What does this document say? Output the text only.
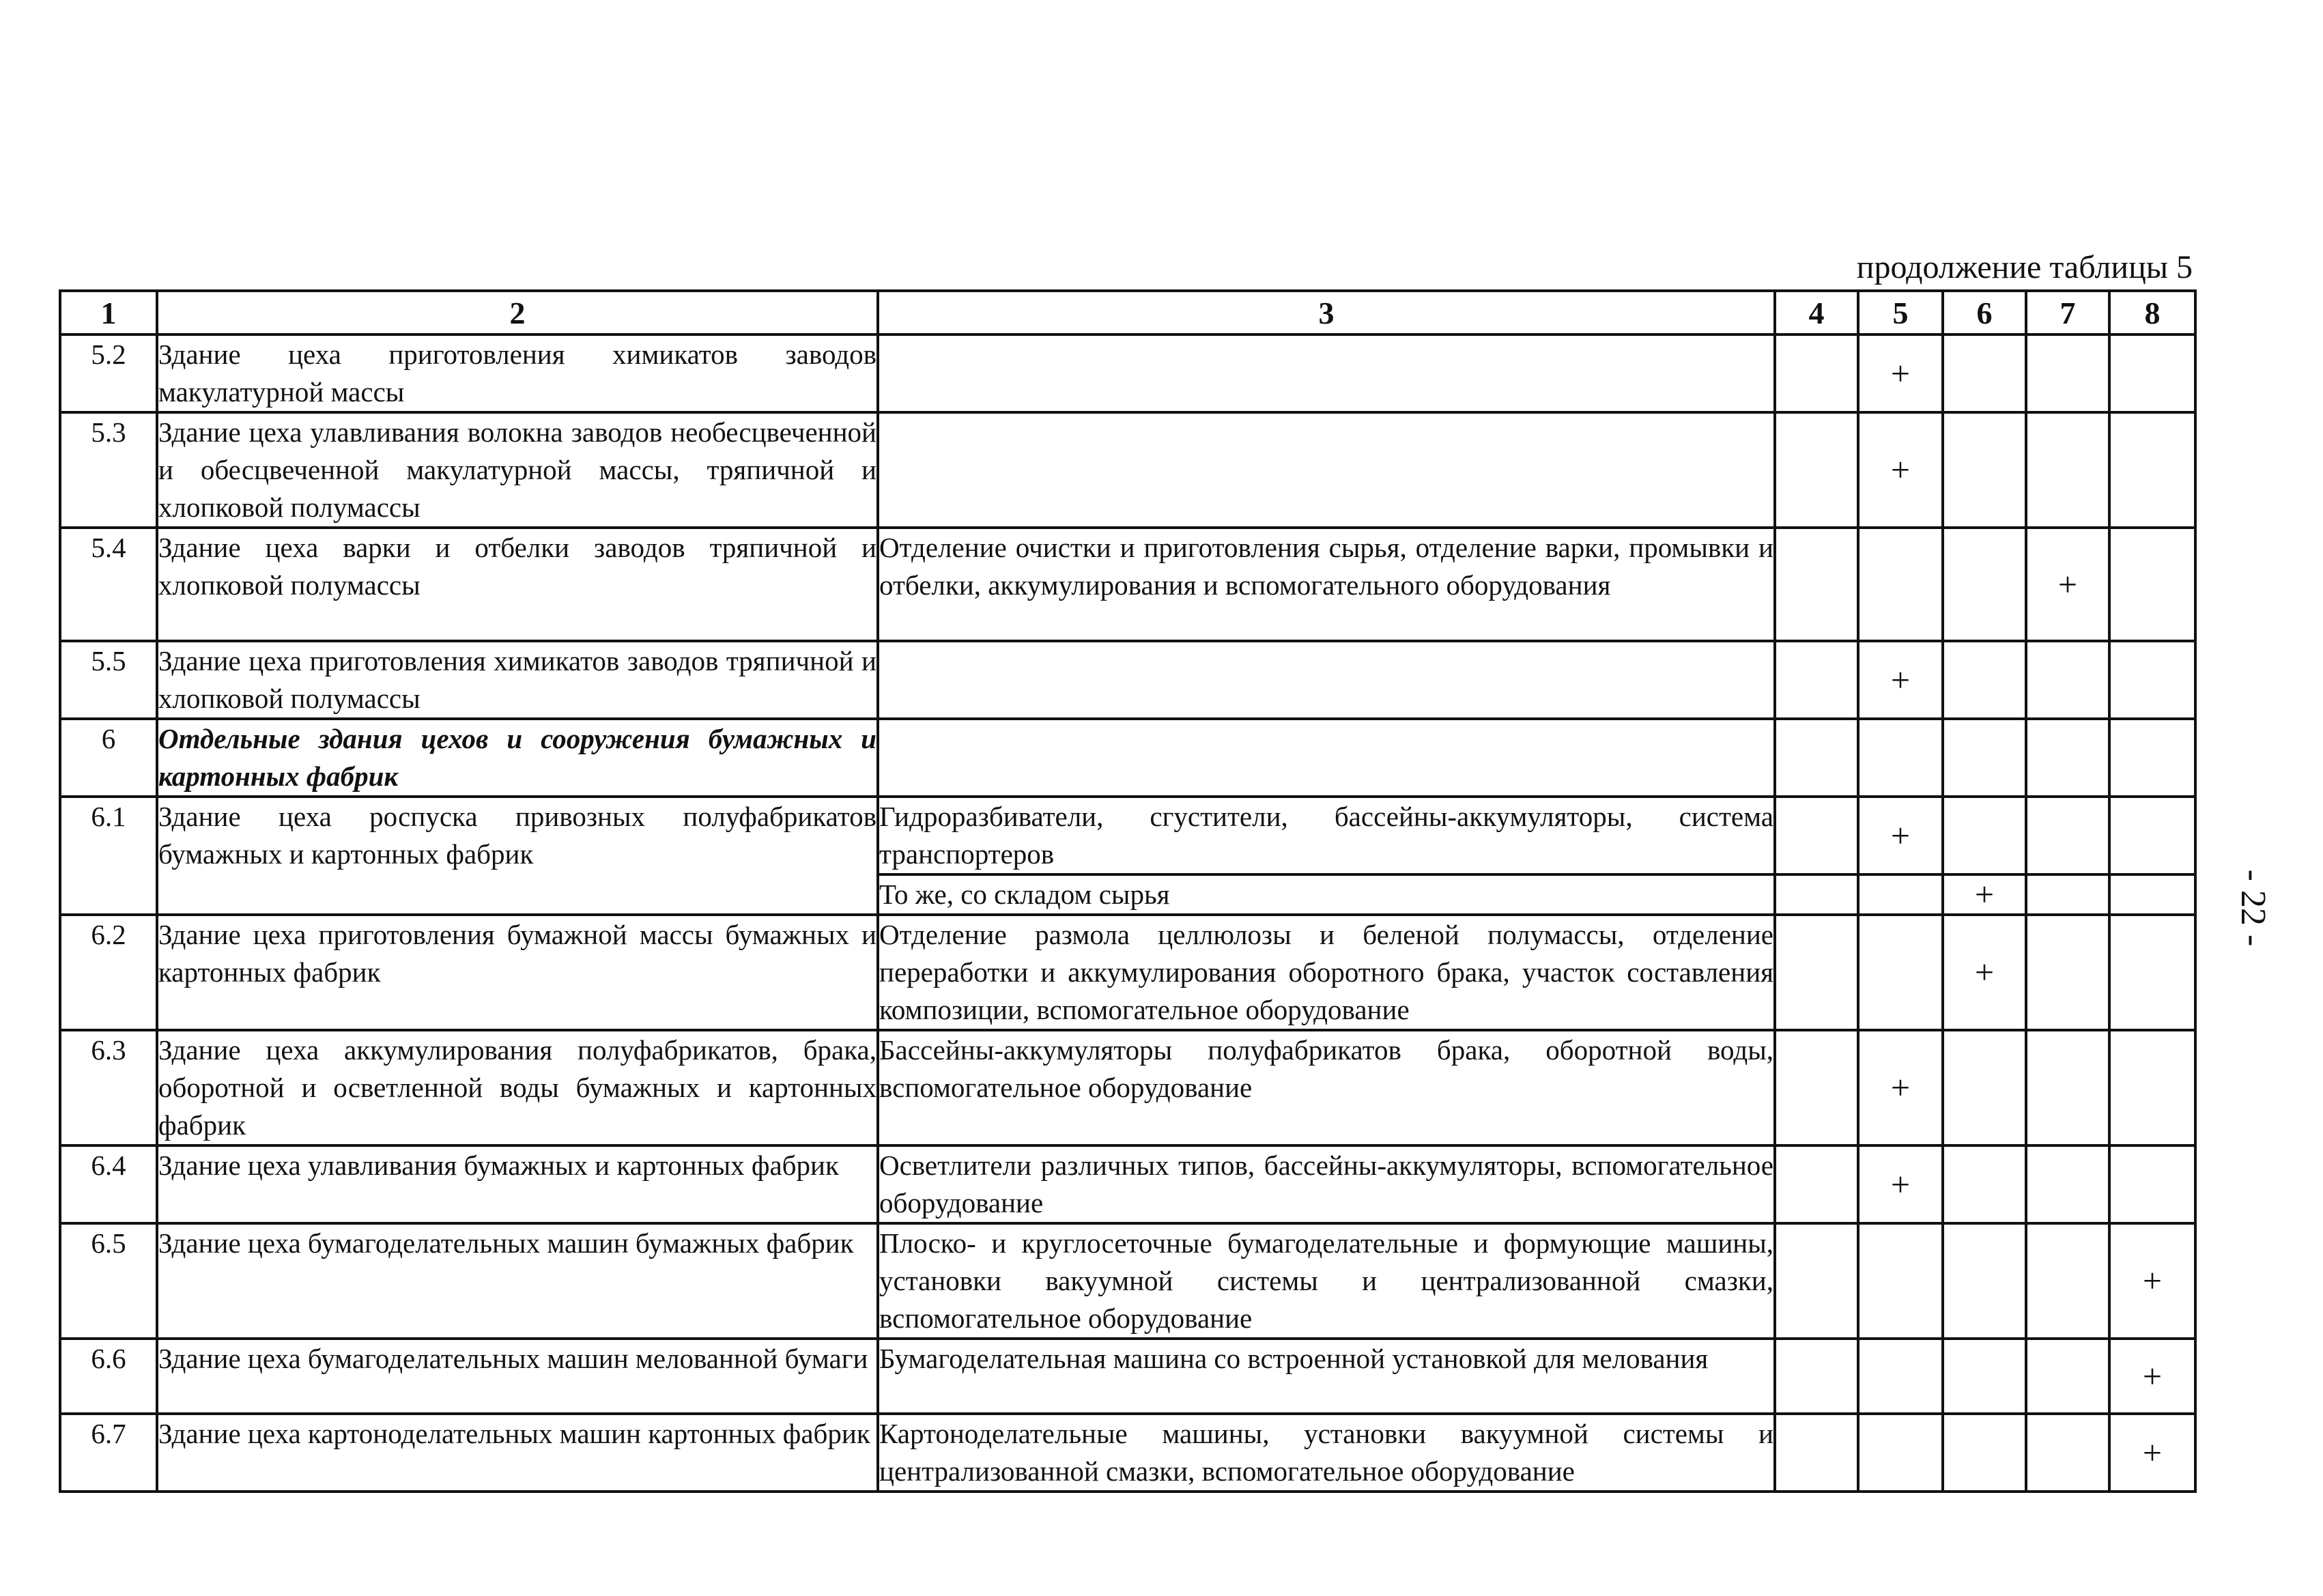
продолжение таблицы 5
1	2	3	4	5	6	7	8
5.2	Здание цеха приготовления химикатов заводов макулатурной массы			+			
5.3	Здание цеха улавливания волокна заводов необесцвеченной и обесцвеченной макулатурной массы, тряпичной и хлопковой полумассы			+			
5.4	Здание цеха варки и отбелки заводов тряпичной и хлопковой полумассы	Отделение очистки и приготовления сырья, отделение варки, промывки и отбелки, аккумулирования и вспомогательного оборудования				+	
5.5	Здание цеха приготовления химикатов заводов тряпичной и хлопковой полумассы			+			
6	Отдельные здания цехов и сооружения бумажных и картонных фабрик						
6.1	Здание цеха роспуска привозных полуфабрикатов бумажных и картонных фабрик	Гидроразбиватели, сгустители, бассейны-аккумуляторы, система транспортеров		+			
		То же, со складом сырья			+		
6.2	Здание цеха приготовления бумажной массы бумажных и картонных фабрик	Отделение размола целлюлозы и беленой полумассы, отделение переработки и аккумулирования оборотного брака, участок составления композиции, вспомогательное оборудование			+		
6.3	Здание цеха аккумулирования полуфабрикатов, брака, оборотной и осветленной воды бумажных и картонных фабрик	Бассейны-аккумуляторы полуфабрикатов брака, оборотной воды, вспомогательное оборудование		+			
6.4	Здание цеха улавливания бумажных и картонных фабрик	Осветлители различных типов, бассейны-аккумуляторы, вспомогательное оборудование		+			
6.5	Здание цеха бумагоделательных машин бумажных фабрик	Плоско- и круглосеточные бумагоделательные и формующие машины, установки вакуумной системы и централизованной смазки, вспомогательное оборудование					+
6.6	Здание цеха бумагоделательных машин мелованной бумаги	Бумагоделательная машина со встроенной установкой для мелования					+
6.7	Здание цеха картоноделательных машин картонных фабрик	Картоноделательные машины, установки вакуумной системы и централизованной смазки, вспомогательное оборудование					+
- 22 -
